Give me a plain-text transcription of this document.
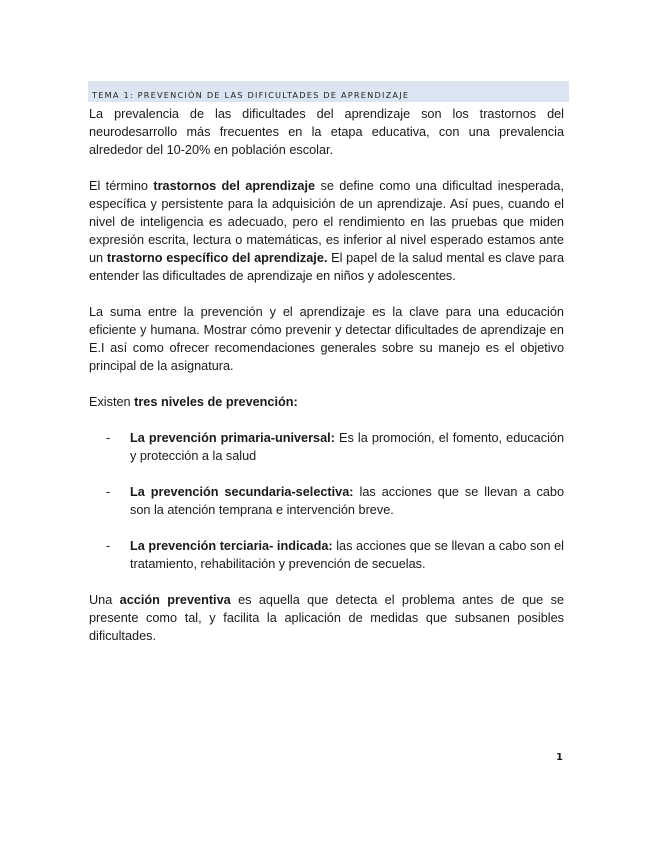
TEMA 1: PREVENCIÓN DE LAS DIFICULTADES DE APRENDIZAJE

La prevalencia de las dificultades del aprendizaje son los trastornos del neurodesarrollo más frecuentes en la etapa educativa, con una prevalencia alrededor del 10-20% en población escolar.

El término trastornos del aprendizaje se define como una dificultad inesperada, específica y persistente para la adquisición de un aprendizaje. Así pues, cuando el nivel de inteligencia es adecuado, pero el rendimiento en las pruebas que miden expresión escrita, lectura o matemáticas, es inferior al nivel esperado estamos ante un trastorno específico del aprendizaje. El papel de la salud mental es clave para entender las dificultades de aprendizaje en niños y adolescentes.

La suma entre la prevención y el aprendizaje es la clave para una educación eficiente y humana. Mostrar cómo prevenir y detectar dificultades de aprendizaje en E.I así como ofrecer recomendaciones generales sobre su manejo es el objetivo principal de la asignatura.

Existen tres niveles de prevención:

- La prevención primaria-universal: Es la promoción, el fomento, educación y protección a la salud
- La prevención secundaria-selectiva: las acciones que se llevan a cabo son la atención temprana e intervención breve.
- La prevención terciaria- indicada: las acciones que se llevan a cabo son el tratamiento, rehabilitación y prevención de secuelas.

Una acción preventiva es aquella que detecta el problema antes de que se presente como tal, y facilita la aplicación de medidas que subsanen posibles dificultades.

1
